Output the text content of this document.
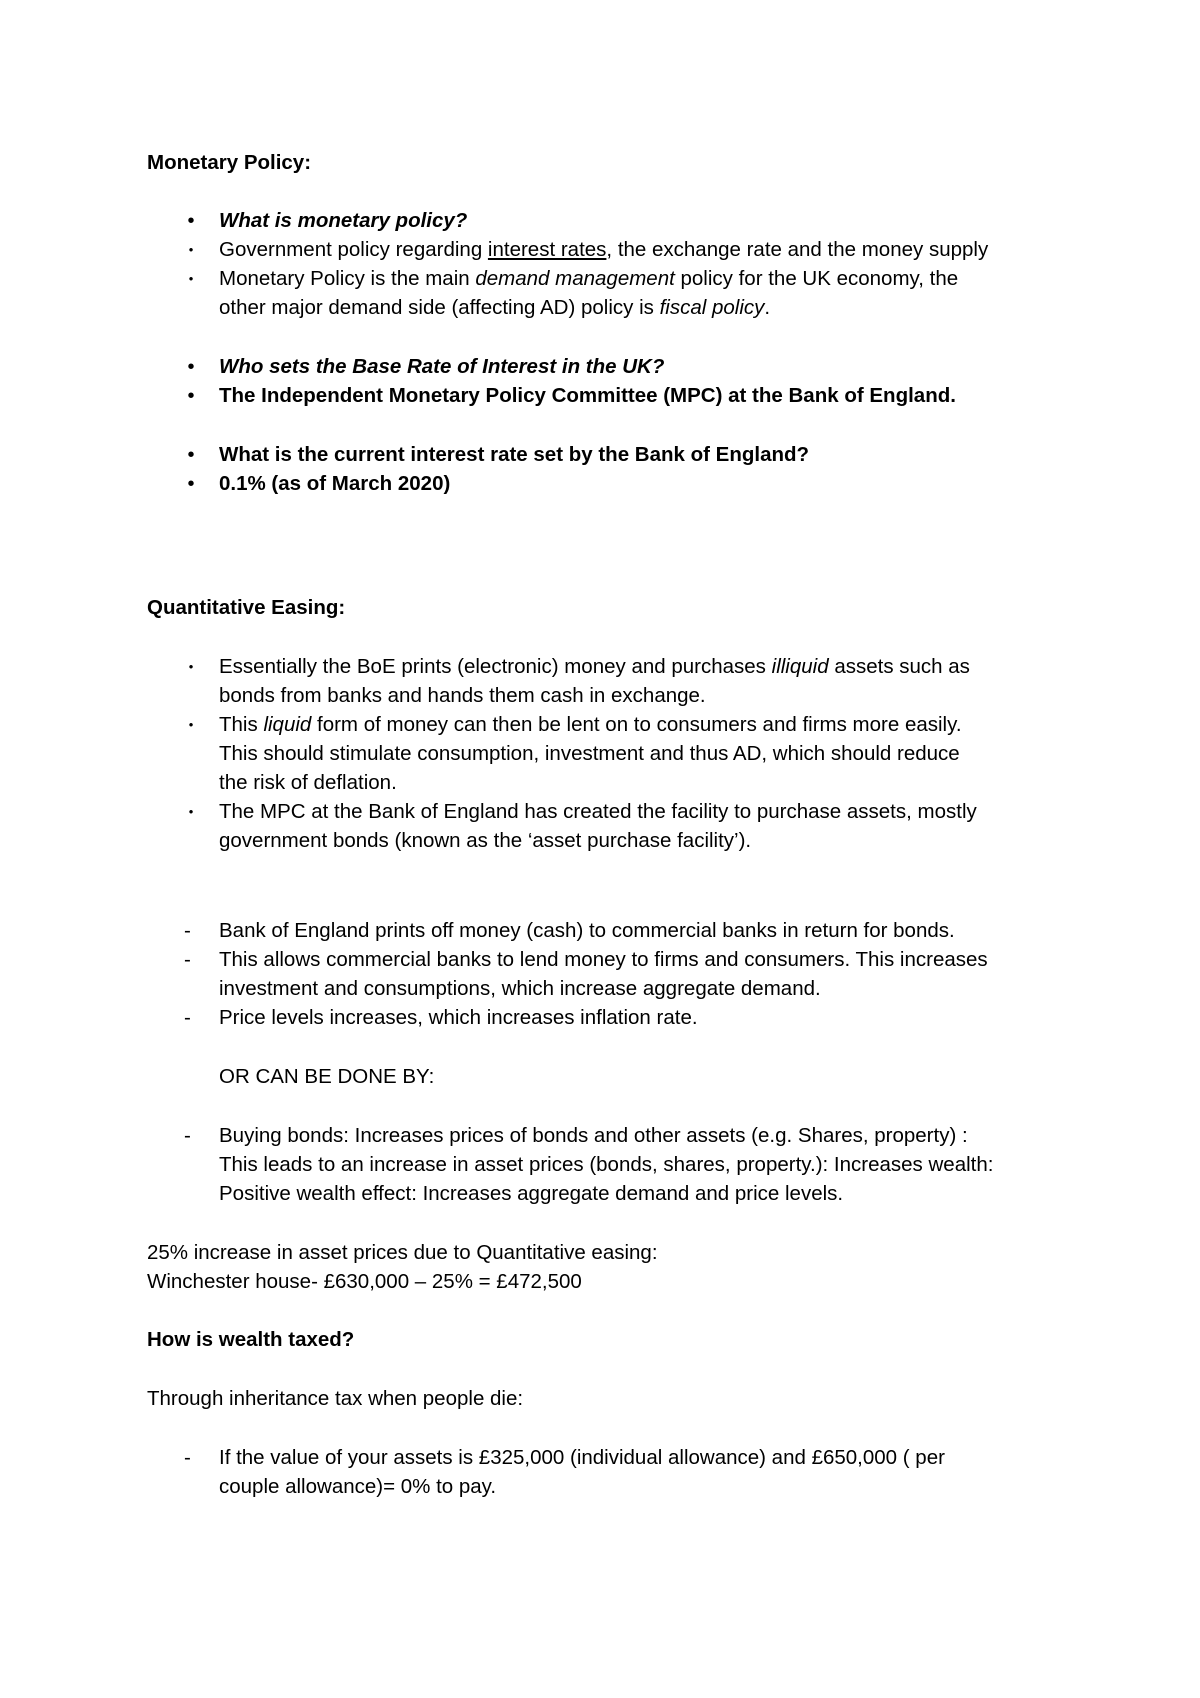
Monetary Policy:

• What is monetary policy?

• Government policy regarding interest rates, the exchange rate and the money supply

• Monetary Policy is the main demand management policy for the UK economy, the

other major demand side (affecting AD) policy is fiscal policy.

• Who sets the Base Rate of Interest in the UK?

• The Independent Monetary Policy Committee (MPC) at the Bank of England.

• What is the current interest rate set by the Bank of England?

• 0.1% (as of March 2020)

Quantitative Easing:

• Essentially the BoE prints (electronic) money and purchases illiquid assets such as

bonds from banks and hands them cash in exchange.

• This liquid form of money can then be lent on to consumers and firms more easily.

This should stimulate consumption, investment and thus AD, which should reduce

the risk of deflation.

• The MPC at the Bank of England has created the facility to purchase assets, mostly

government bonds (known as the ‘asset purchase facility’).

- Bank of England prints off money (cash) to commercial banks in return for bonds.

- This allows commercial banks to lend money to firms and consumers. This increases

investment and consumptions, which increase aggregate demand.

- Price levels increases, which increases inflation rate.

OR CAN BE DONE BY:

- Buying bonds: Increases prices of bonds and other assets (e.g. Shares, property) :

This leads to an increase in asset prices (bonds, shares, property.): Increases wealth:

Positive wealth effect: Increases aggregate demand and price levels.

25% increase in asset prices due to Quantitative easing:

Winchester house- £630,000 – 25% = £472,500

How is wealth taxed?

Through inheritance tax when people die:

- If the value of your assets is £325,000 (individual allowance) and £650,000 ( per

couple allowance)= 0% to pay.
